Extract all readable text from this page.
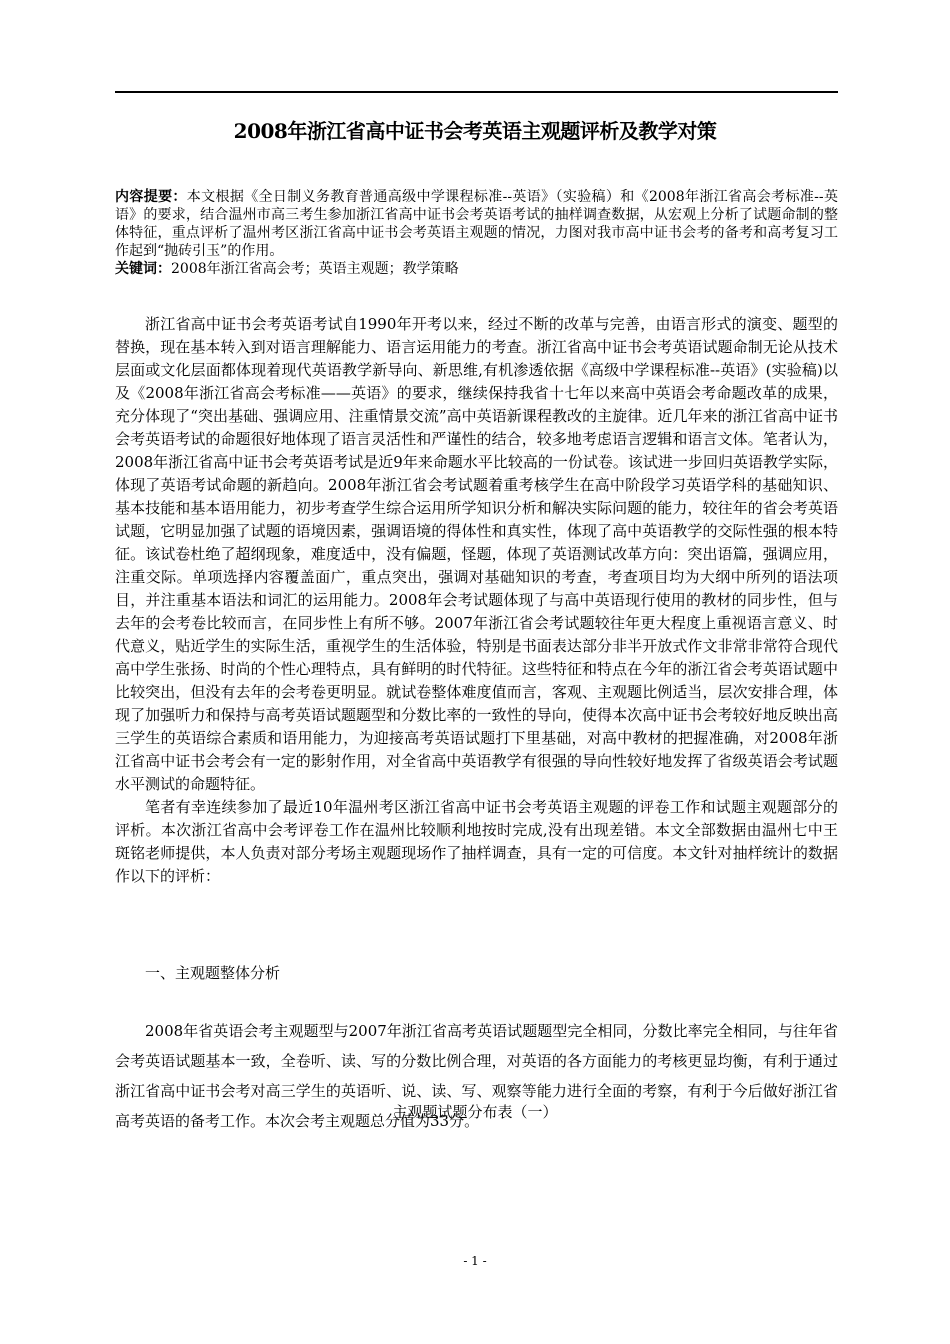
2008年浙江省高中证书会考英语主观题评析及教学对策

内容提要：本文根据《全日制义务教育普通高级中学课程标准--英语》（实验稿）和《2008年浙江省高会考标准--英语》的要求，结合温州市高三考生参加浙江省高中证书会考英语考试的抽样调查数据，从宏观上分析了试题命制的整体特征，重点评析了温州考区浙江省高中证书会考英语主观题的情况，力图对我市高中证书会考的备考和高考复习工作起到“抛砖引玉”的作用。

关键词：2008年浙江省高会考；英语主观题；教学策略

浙江省高中证书会考英语考试自1990年开考以来，经过不断的改革与完善，由语言形式的演变、题型的替换，现在基本转入到对语言理解能力、语言运用能力的考查。浙江省高中证书会考英语试题命制无论从技术层面或文化层面都体现着现代英语教学新导向、新思维,有机渗透依据《高级中学课程标准--英语》(实验稿)以及《2008年浙江省高会考标准——英语》的要求，继续保持我省十七年以来高中英语会考命题改革的成果，充分体现了“突出基础、强调应用、注重情景交流”高中英语新课程教改的主旋律。近几年来的浙江省高中证书会考英语考试的命题很好地体现了语言灵活性和严谨性的结合，较多地考虑语言逻辑和语言文体。笔者认为，2008年浙江省高中证书会考英语考试是近9年来命题水平比较高的一份试卷。该试进一步回归英语教学实际，体现了英语考试命题的新趋向。2008年浙江省会考试题着重考核学生在高中阶段学习英语学科的基础知识、基本技能和基本语用能力，初步考查学生综合运用所学知识分析和解决实际问题的能力，较往年的省会考英语试题，它明显加强了试题的语境因素，强调语境的得体性和真实性，体现了高中英语教学的交际性强的根本特征。该试卷杜绝了超纲现象，难度适中，没有偏题，怪题，体现了英语测试改革方向：突出语篇，强调应用，注重交际。单项选择内容覆盖面广，重点突出，强调对基础知识的考查，考查项目均为大纲中所列的语法项目，并注重基本语法和词汇的运用能力。2008年会考试题体现了与高中英语现行使用的教材的同步性，但与去年的会考卷比较而言，在同步性上有所不够。2007年浙江省会考试题较往年更大程度上重视语言意义、时代意义，贴近学生的实际生活，重视学生的生活体验，特别是书面表达部分非半开放式作文非常非常符合现代高中学生张扬、时尚的个性心理特点，具有鲜明的时代特征。这些特征和特点在今年的浙江省会考英语试题中比较突出，但没有去年的会考卷更明显。就试卷整体难度值而言，客观、主观题比例适当，层次安排合理，体现了加强听力和保持与高考英语试题题型和分数比率的一致性的导向，使得本次高中证书会考较好地反映出高三学生的英语综合素质和语用能力，为迎接高考英语试题打下里基础，对高中教材的把握准确，对2008年浙江省高中证书会考会有一定的影射作用，对全省高中英语教学有很强的导向性较好地发挥了省级英语会考试题水平测试的命题特征。

笔者有幸连续参加了最近10年温州考区浙江省高中证书会考英语主观题的评卷工作和试题主观题部分的评析。本次浙江省高中会考评卷工作在温州比较顺利地按时完成,没有出现差错。本文全部数据由温州七中王斑铭老师提供，本人负责对部分考场主观题现场作了抽样调查，具有一定的可信度。本文针对抽样统计的数据作以下的评析：

一、主观题整体分析

2008年省英语会考主观题型与2007年浙江省高考英语试题题型完全相同，分数比率完全相同，与往年省会考英语试题基本一致，全卷听、读、写的分数比例合理，对英语的各方面能力的考核更显均衡，有利于通过浙江省高中证书会考对高三学生的英语听、说、读、写、观察等能力进行全面的考察，有利于今后做好浙江省高考英语的备考工作。本次会考主观题总分值为33分。

主观题试题分布表（一）
- 1 -
